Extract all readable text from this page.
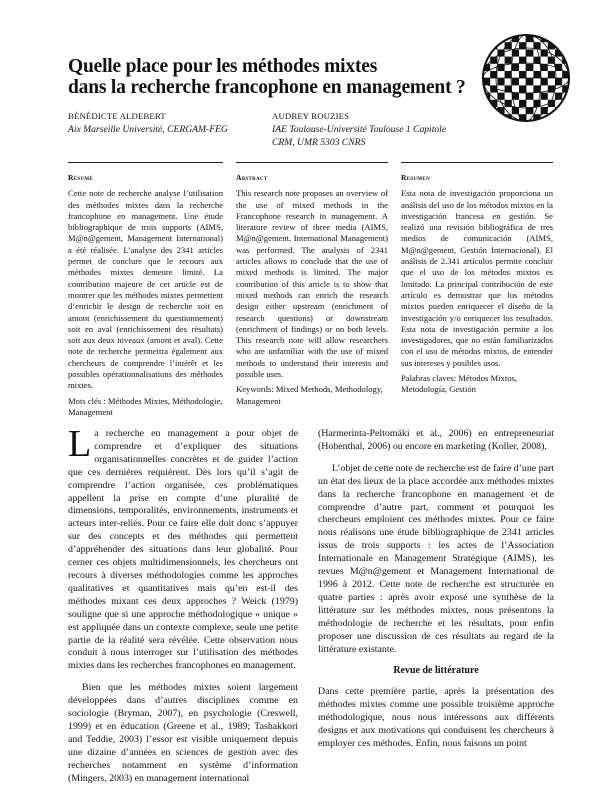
Quelle place pour les méthodes mixtes
dans la recherche francophone en management ?
BÉNÉDICTE ALDEBERT
Aix Marseille Université, CERGAM-FEG
AUDREY ROUZIES
IAE Toulouse-Université Toulouse 1 Capitole
CRM, UMR 5303 CNRS
Résumé

Cette note de recherche analyse l’utilisation des méthodes mixtes dans la recherche francophone en management. Une étude bibliographique de trois supports (AIMS, M@n@gement, Management International) a été réalisée. L’analyse des 2341 articles permet de conclure que le recours aux méthodes mixtes demeure limité. La contribution majeure de cet article est de montrer que les méthodes mixtes permettent d’enrichir le design de recherche soit en amont (enrichissement du questionnement) soit en aval (enrichissement des résultats) soit aux deux niveaux (amont et aval). Cette note de recherche permettra également aux chercheurs de comprendre l’intérêt et les possibles opérationnalisations des méthodes mixtes.

Mots clés : Méthodes Mixtes, Méthodologie, Management

Abstract

This research note proposes an overview of the use of mixed methods in the Francophone research in management. A literature review of three media (AIMS, M@n@gement, International Management) was performed. The analysis of 2341 articles allows to conclude that the use of mixed methods is limited. The major contribution of this article is to show that mixed methods can enrich the research design either upstream (enrichment of research questions) or downstream (enrichment of findings) or on both levels. This research note will allow researchers who are unfamiliar with the use of mixed methods to understand their interests and possible uses.

Keywords: Mixed Methods, Methodology, Management

Resumen

Esta nota de investigación proporciona un análisis del uso de los métodos mixtos en la investigación francesa en gestión. Se realizó una revisión bibliográfica de tres medios de comunicación (AIMS, M@n@gement, Gestión Internacional). El análisis de 2.341 artículos permite concluir que el uso de los métodos mixtos es limitado. La principal contribución de este artículo es demostrar que los métodos mixtos pueden enriquecer el diseño de la investigación y/o enriquecer los resultados. Esta nota de investigación permite a los investigadores, que no están familiarizados con el uso de métodos mixtos, de entender sus intereses y posibles usos.

Palabras claves: Métodos Mixtos, Metodología, Gestión

La recherche en management a pour objet de comprendre et d’expliquer des situations organisationnelles concrètes et de guider l’action que ces dernières requièrent. Dès lors qu’il s’agit de comprendre l’action organisée, ces problématiques appellent la prise en compte d’une pluralité de dimensions, temporalités, environnements, instruments et acteurs inter-reliés. Pour ce faire elle doit donc s’appuyer sur des concepts et des méthodes qui permettent d’appréhender des situations dans leur globalité. Pour cerner ces objets multidimensionnels, les chercheurs ont recours à diverses méthodologies comme les approches qualitatives et quantitatives mais qu’en est-il des méthodes mixant ces deux approches ? Weick (1979) souligne que si une approche méthodologique « unique » est appliquée dans un contexte complexe, seule une petite partie de la réalité sera révélée. Cette observation nous conduit à nous interroger sur l’utilisation des méthodes mixtes dans les recherches francophones en management.

Bien que les méthodes mixtes soient largement développées dans d’autres disciplines comme en sociologie (Bryman, 2007), en psychologie (Creswell, 1999) et en éducation (Greene et al., 1989; Tashakkori and Teddie, 2003) l’essor est visible uniquement depuis une dizaine d’années en sciences de gestion avec des recherches notamment en système d’information (Mingers, 2003) en management international

(Harmerinta-Peltomäki et al., 2006) en entrepreneuriat (Hohenthal, 2006) ou encore en marketing (Koller, 2008).

L’objet de cette note de recherche est de faire d’une part un état des lieux de la place accordée aux méthodes mixtes dans la recherche francophone en management et de comprendre d’autre part, comment et pourquoi les chercheurs emploient ces méthodes mixtes. Pour ce faire nous réalisons une étude bibliographique de 2341 articles issus de trois supports : les actes de l’Association Internationale en Management Stratégique (AIMS), les revues M@n@gement et Management International de 1996 à 2012. Cette note de recherche est structurée en quatre parties : après avoir exposé une synthèse de la littérature sur les méthodes mixtes, nous présentons la méthodologie de recherche et les résultats, pour enfin proposer une discussion de ces résultats au regard de la littérature existante.

Revue de littérature

Dans cette première partie, après la présentation des méthodes mixtes comme une possible troisième approche méthodologique, nous nous intéressons aux différents designs et aux motivations qui conduisent les chercheurs à employer ces méthodes. Enfin, nous faisons un point
